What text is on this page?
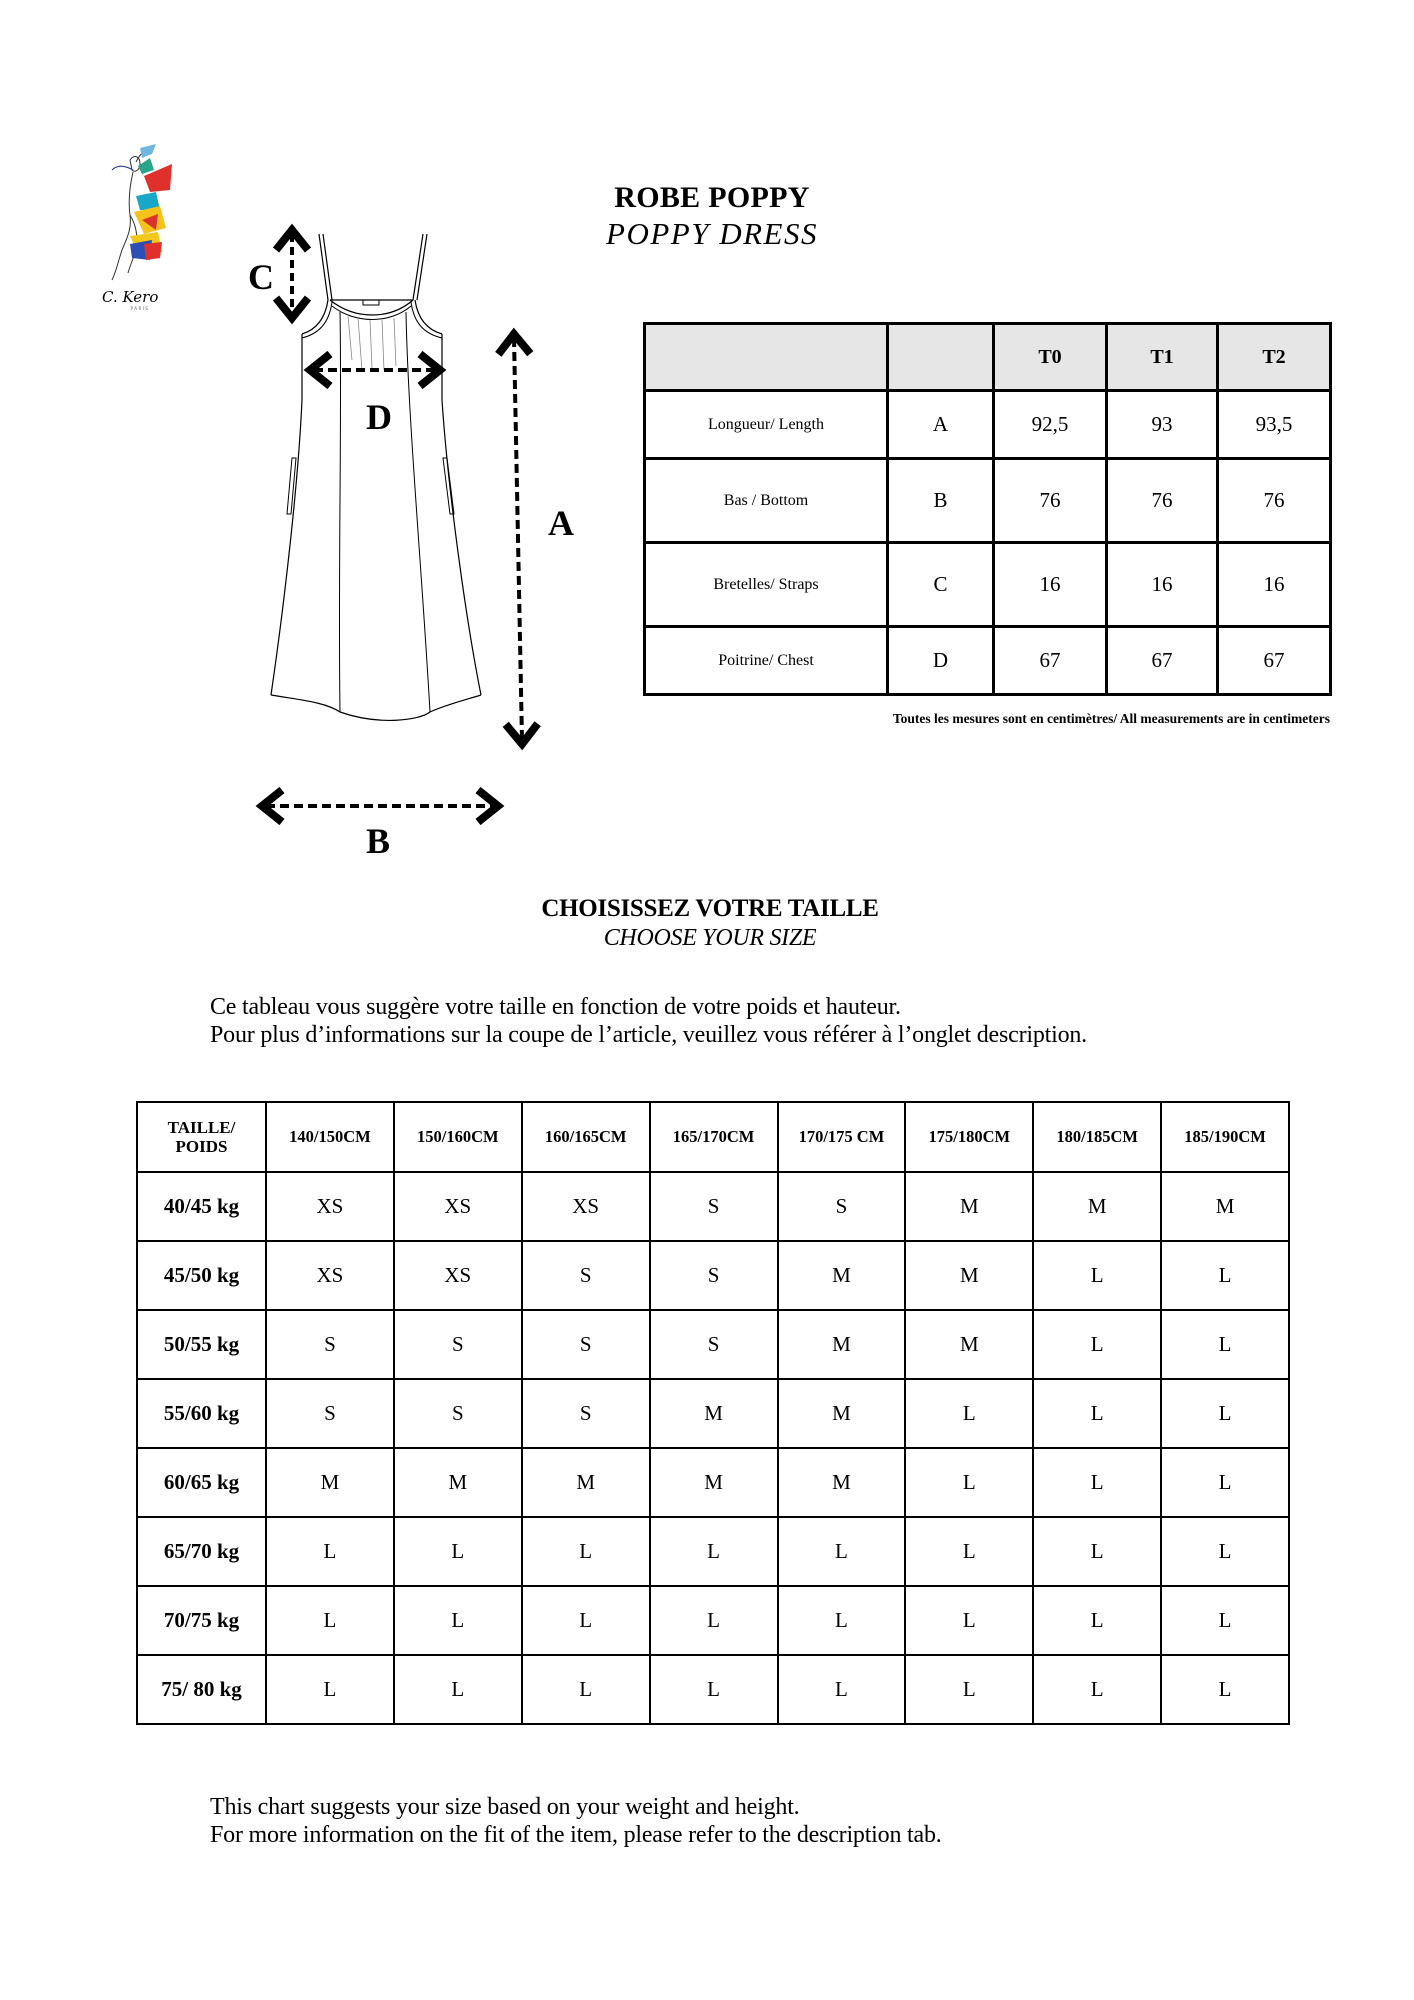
C. Kero
PARIS
ROBE POPPY
POPPY DRESS
C
D
A
B
		T0	T1	T2
Longueur/ Length	A	92,5	93	93,5
Bas / Bottom	B	76	76	76
Bretelles/ Straps	C	16	16	16
Poitrine/ Chest	D	67	67	67
Toutes les mesures sont en centimètres/ All measurements are in centimeters
CHOISISSEZ VOTRE TAILLE
CHOOSE YOUR SIZE
Ce tableau vous suggère votre taille en fonction de votre poids et hauteur.
Pour plus d’informations sur la coupe de l’article, veuillez vous référer à l’onglet description.
TAILLE/
POIDS	140/150CM	150/160CM	160/165CM	165/170CM	170/175 CM	175/180CM	180/185CM	185/190CM
40/45 kg	XS	XS	XS	S	S	M	M	M
45/50 kg	XS	XS	S	S	M	M	L	L
50/55 kg	S	S	S	S	M	M	L	L
55/60 kg	S	S	S	M	M	L	L	L
60/65 kg	M	M	M	M	M	L	L	L
65/70 kg	L	L	L	L	L	L	L	L
70/75 kg	L	L	L	L	L	L	L	L
75/ 80 kg	L	L	L	L	L	L	L	L
This chart suggests your size based on your weight and height.
For more information on the fit of the item, please refer to the description tab.
